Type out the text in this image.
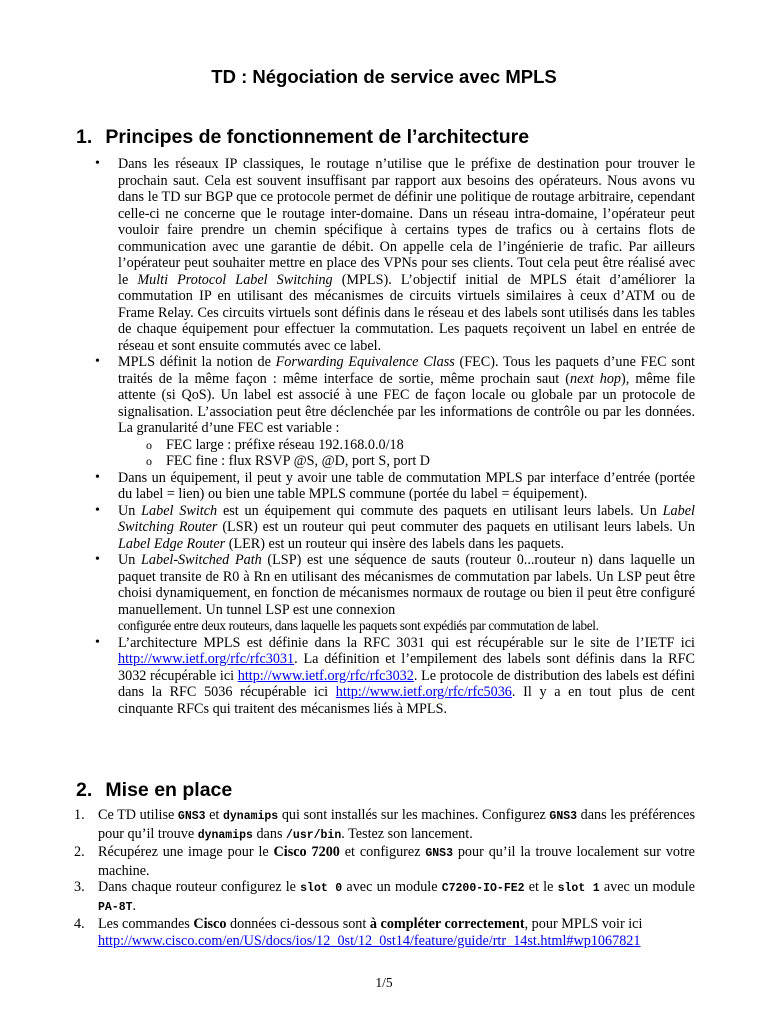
TD : Négociation de service avec MPLS
1. Principes de fonctionnement de l’architecture
• Dans les réseaux IP classiques, le routage n’utilise que le préfixe de destination pour trouver le prochain saut. Cela est souvent insuffisant par rapport aux besoins des opérateurs. Nous avons vu dans le TD sur BGP que ce protocole permet de définir une politique de routage arbitraire, cependant celle-ci ne concerne que le routage inter-domaine. Dans un réseau intra-domaine, l’opérateur peut vouloir faire prendre un chemin spécifique à certains types de trafics ou à certains flots de communication avec une garantie de débit. On appelle cela de l’ingénierie de trafic. Par ailleurs l’opérateur peut souhaiter mettre en place des VPNs pour ses clients. Tout cela peut être réalisé avec le Multi Protocol Label Switching (MPLS). L’objectif initial de MPLS était d’améliorer la commutation IP en utilisant des mécanismes de circuits virtuels similaires à ceux d’ATM ou de Frame Relay. Ces circuits virtuels sont définis dans le réseau et des labels sont utilisés dans les tables de chaque équipement pour effectuer la commutation. Les paquets reçoivent un label en entrée de réseau et sont ensuite commutés avec ce label.
• MPLS définit la notion de Forwarding Equivalence Class (FEC). Tous les paquets d’une FEC sont traités de la même façon : même interface de sortie, même prochain saut (next hop), même file attente (si QoS). Un label est associé à une FEC de façon locale ou globale par un protocole de signalisation. L’association peut être déclenchée par les informations de contrôle ou par les données. La granularité d’une FEC est variable :
o FEC large : préfixe réseau 192.168.0.0/18
o FEC fine : flux RSVP @S, @D, port S, port D
• Dans un équipement, il peut y avoir une table de commutation MPLS par interface d’entrée (portée du label = lien) ou bien une table MPLS commune (portée du label = équipement).
• Un Label Switch est un équipement qui commute des paquets en utilisant leurs labels. Un Label Switching Router (LSR) est un routeur qui peut commuter des paquets en utilisant leurs labels. Un Label Edge Router (LER) est un routeur qui insère des labels dans les paquets.
• Un Label-Switched Path (LSP) est une séquence de sauts (routeur 0...routeur n) dans laquelle un paquet transite de R0 à Rn en utilisant des mécanismes de commutation par labels. Un LSP peut être choisi dynamiquement, en fonction de mécanismes normaux de routage ou bien il peut être configuré manuellement. Un tunnel LSP est une connexion
configurée entre deux routeurs, dans laquelle les paquets sont expédiés par commutation de label.
• L’architecture MPLS est définie dans la RFC 3031 qui est récupérable sur le site de l’IETF ici http://www.ietf.org/rfc/rfc3031. La définition et l’empilement des labels sont définis dans la RFC 3032 récupérable ici http://www.ietf.org/rfc/rfc3032. Le protocole de distribution des labels est défini dans la RFC 5036 récupérable ici http://www.ietf.org/rfc/rfc5036. Il y a en tout plus de cent cinquante RFCs qui traitent des mécanismes liés à MPLS.
2. Mise en place
1. Ce TD utilise GNS3 et dynamips qui sont installés sur les machines. Configurez GNS3 dans les préférences pour qu’il trouve dynamips dans /usr/bin. Testez son lancement.
2. Récupérez une image pour le Cisco 7200 et configurez GNS3 pour qu’il la trouve localement sur votre machine.
3. Dans chaque routeur configurez le slot 0 avec un module C7200-IO-FE2 et le slot 1 avec un module PA-8T.
4. Les commandes Cisco données ci-dessous sont à compléter correctement, pour MPLS voir ici
http://www.cisco.com/en/US/docs/ios/12_0st/12_0st14/feature/guide/rtr_14st.html#wp1067821
1/5
